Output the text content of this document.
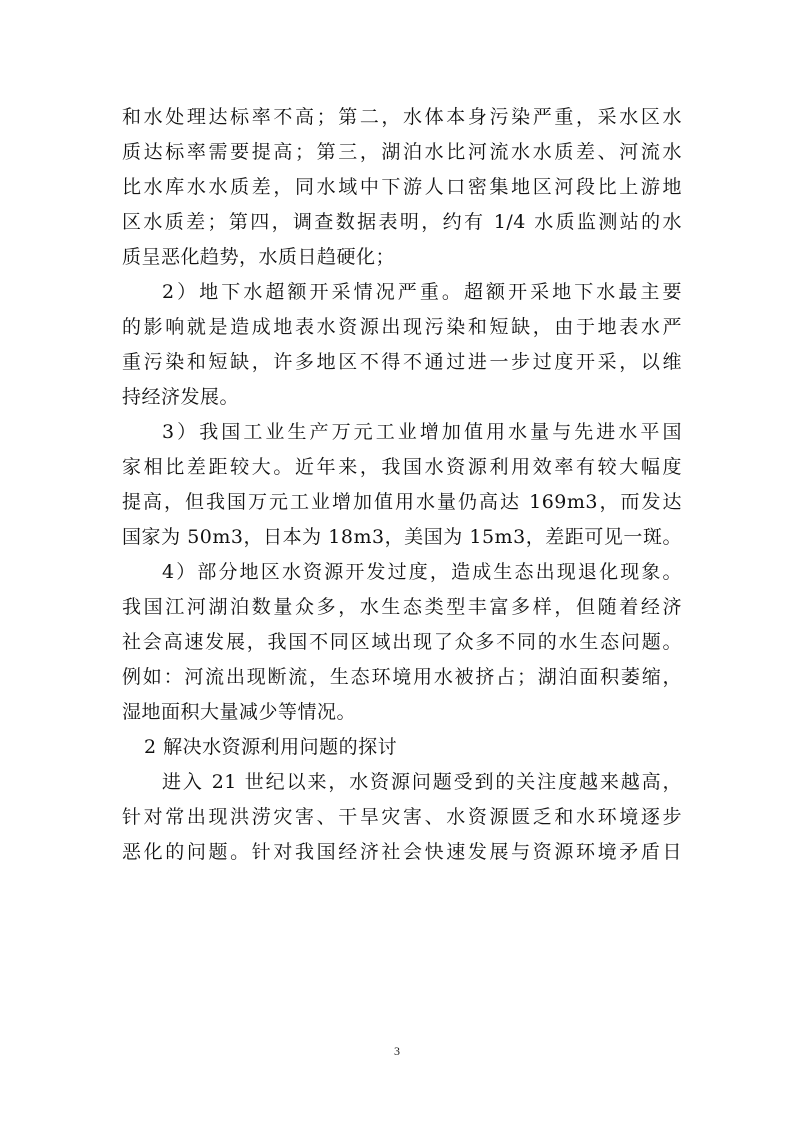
和水处理达标率不高；第二，水体本身污染严重，采水区水
质达标率需要提高；第三，湖泊水比河流水水质差、河流水
比水库水水质差，同水域中下游人口密集地区河段比上游地
区水质差；第四，调查数据表明，约有 1/4 水质监测站的水
质呈恶化趋势，水质日趋硬化；
2）地下水超额开采情况严重。超额开采地下水最主要
的影响就是造成地表水资源出现污染和短缺，由于地表水严
重污染和短缺，许多地区不得不通过进一步过度开采，以维
持经济发展。
3）我国工业生产万元工业增加值用水量与先进水平国
家相比差距较大。近年来，我国水资源利用效率有较大幅度
提高，但我国万元工业增加值用水量仍高达 169m3，而发达
国家为 50m3，日本为 18m3，美国为 15m3，差距可见一斑。
4）部分地区水资源开发过度，造成生态出现退化现象。
我国江河湖泊数量众多，水生态类型丰富多样，但随着经济
社会高速发展，我国不同区域出现了众多不同的水生态问题。
例如：河流出现断流，生态环境用水被挤占；湖泊面积萎缩，
湿地面积大量减少等情况。
2 解决水资源利用问题的探讨
进入 21 世纪以来，水资源问题受到的关注度越来越高，
针对常出现洪涝灾害、干旱灾害、水资源匮乏和水环境逐步
恶化的问题。针对我国经济社会快速发展与资源环境矛盾日
3
